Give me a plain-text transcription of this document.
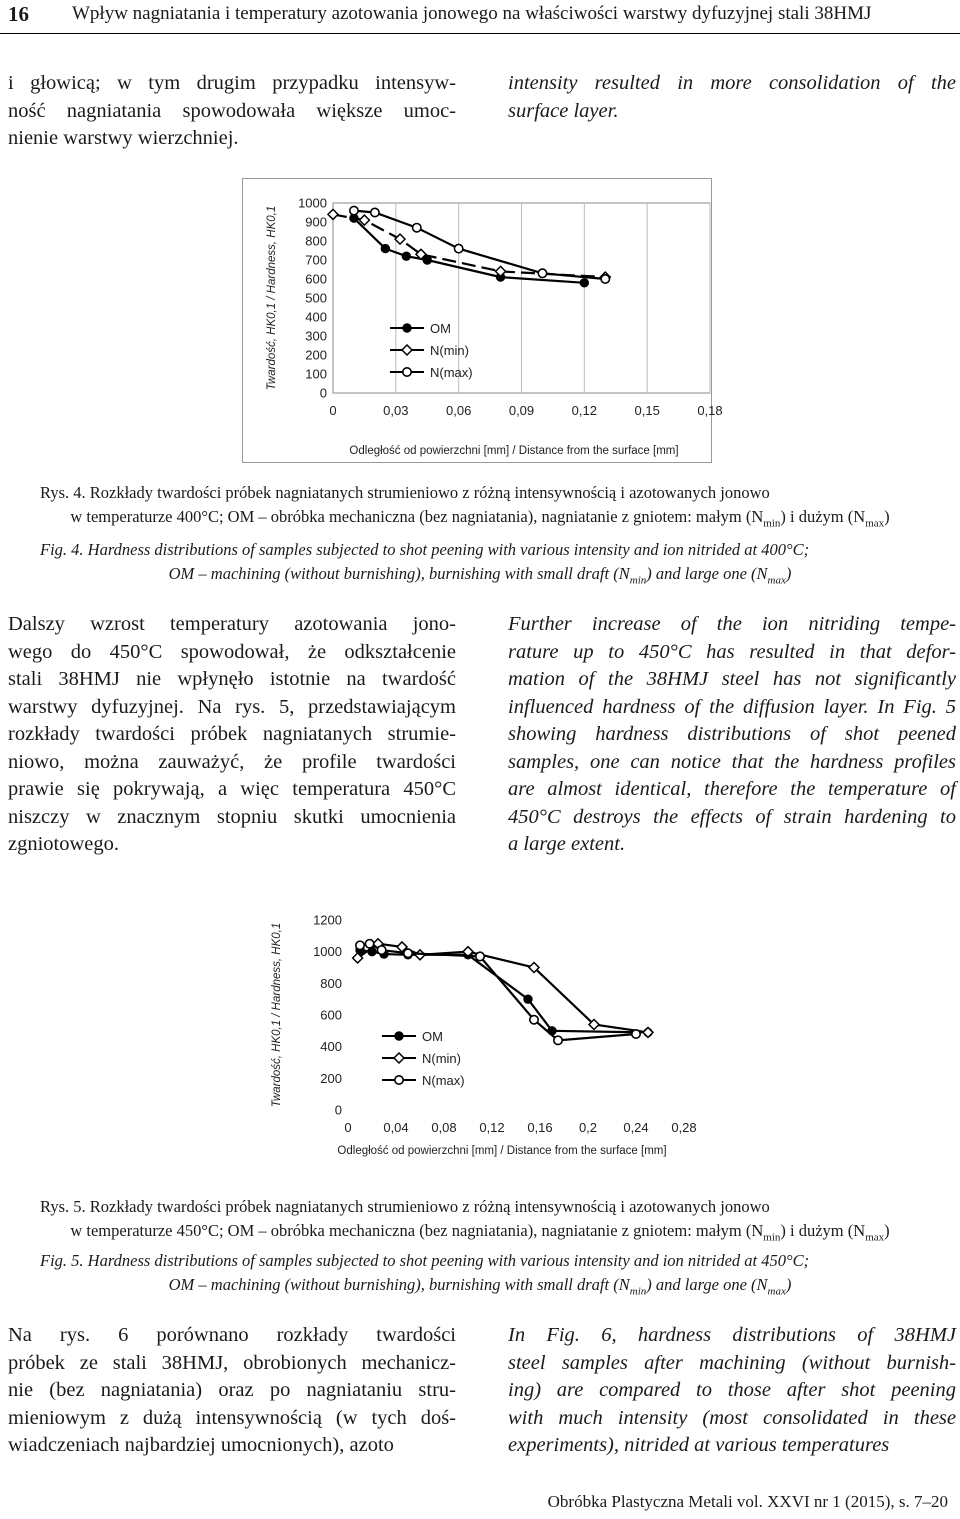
16 Wpływ nagniatania i temperatury azotowania jonowego na właściwości warstwy dyfuzyjnej stali 38HMJ

i głowicą; w tym drugim przypadku intensyw-
ność nagniatania spowodowała większe umoc-
nienie warstwy wierzchniej.

intensity resulted in more consolidation of the
surface layer.

0
100
200
300
400
500
600
700
800
900
1000
0	0,03	0,06	0,09	0,12	0,15	0,18
Twardość, HK0,1 / Hardness, HK0,1
Odległość od powierzchni [mm] / Distance from the surface [mm]
OM
N(min)
N(max)
Rys. 4. Rozkłady twardości próbek nagniatanych strumieniowo z różną intensywnością i azotowanych jonowo
w temperaturze 400°C; OM – obróbka mechaniczna (bez nagniatania), nagniatanie z gniotem: małym $(N_{min})$ i dużym $(N_{max})$
Fig. 4. Hardness distributions of samples subjected to shot peening with various intensity and ion nitrided at 400°C;
OM – machining (without burnishing), burnishing with small draft $(N_{min})$ and large one $(N_{max})$

Dalszy wzrost temperatury azotowania jono-
wego do 450°C spowodował, że odkształcenie
stali 38HMJ nie wpłynęło istotnie na twardość
warstwy dyfuzyjnej. Na rys. 5, przedstawiającym
rozkłady twardości próbek nagniatanych strumie-
niowo, można zauważyć, że profile twardości
prawie się pokrywają, a więc temperatura 450°C
niszczy w znacznym stopniu skutki umocnienia
zgniotowego.

Further increase of the ion nitriding tempe-
rature up to 450°C has resulted in that defor-
mation of the 38HMJ steel has not significantly
influenced hardness of the diffusion layer. In Fig. 5
showing hardness distributions of shot peened
samples, one can notice that the hardness profiles
are almost identical, therefore the temperature of
450°C destroys the effects of strain hardening to
a large extent.

0
200
400
600
800
1000
1200
0 0,04 0,08 0,12 0,16 0,2 0,24 0,28
Twardość, HK0,1 / Hardness, HK0,1
Odległość od powierzchni [mm] / Distance from the surface [mm]
OM
N(min)
N(max)
Rys. 5. Rozkłady twardości próbek nagniatanych strumieniowo z różną intensywnością i azotowanych jonowo
w temperaturze 450°C; OM – obróbka mechaniczna (bez nagniatania), nagniatanie z gniotem: małym $(N_{min})$ i dużym $(N_{max})$
Fig. 5. Hardness distributions of samples subjected to shot peening with various intensity and ion nitrided at 450°C;
OM – machining (without burnishing), burnishing with small draft $(N_{min})$ and large one $(N_{max})$

Na rys. 6 porównano rozkłady twardości
próbek ze stali 38HMJ, obrobionych mechanicz-
nie (bez nagniatania) oraz po nagniataniu stru-
mieniowym z dużą intensywnością (w tych doś-
wiadczeniach najbardziej umocnionych), azoto

In Fig. 6, hardness distributions of 38HMJ
steel samples after machining (without burnish-
ing) are compared to those after shot peening
with much intensity (most consolidated in these
experiments), nitrided at various temperatures

Obróbka Plastyczna Metali vol. XXVI nr 1 (2015), s. 7–20
